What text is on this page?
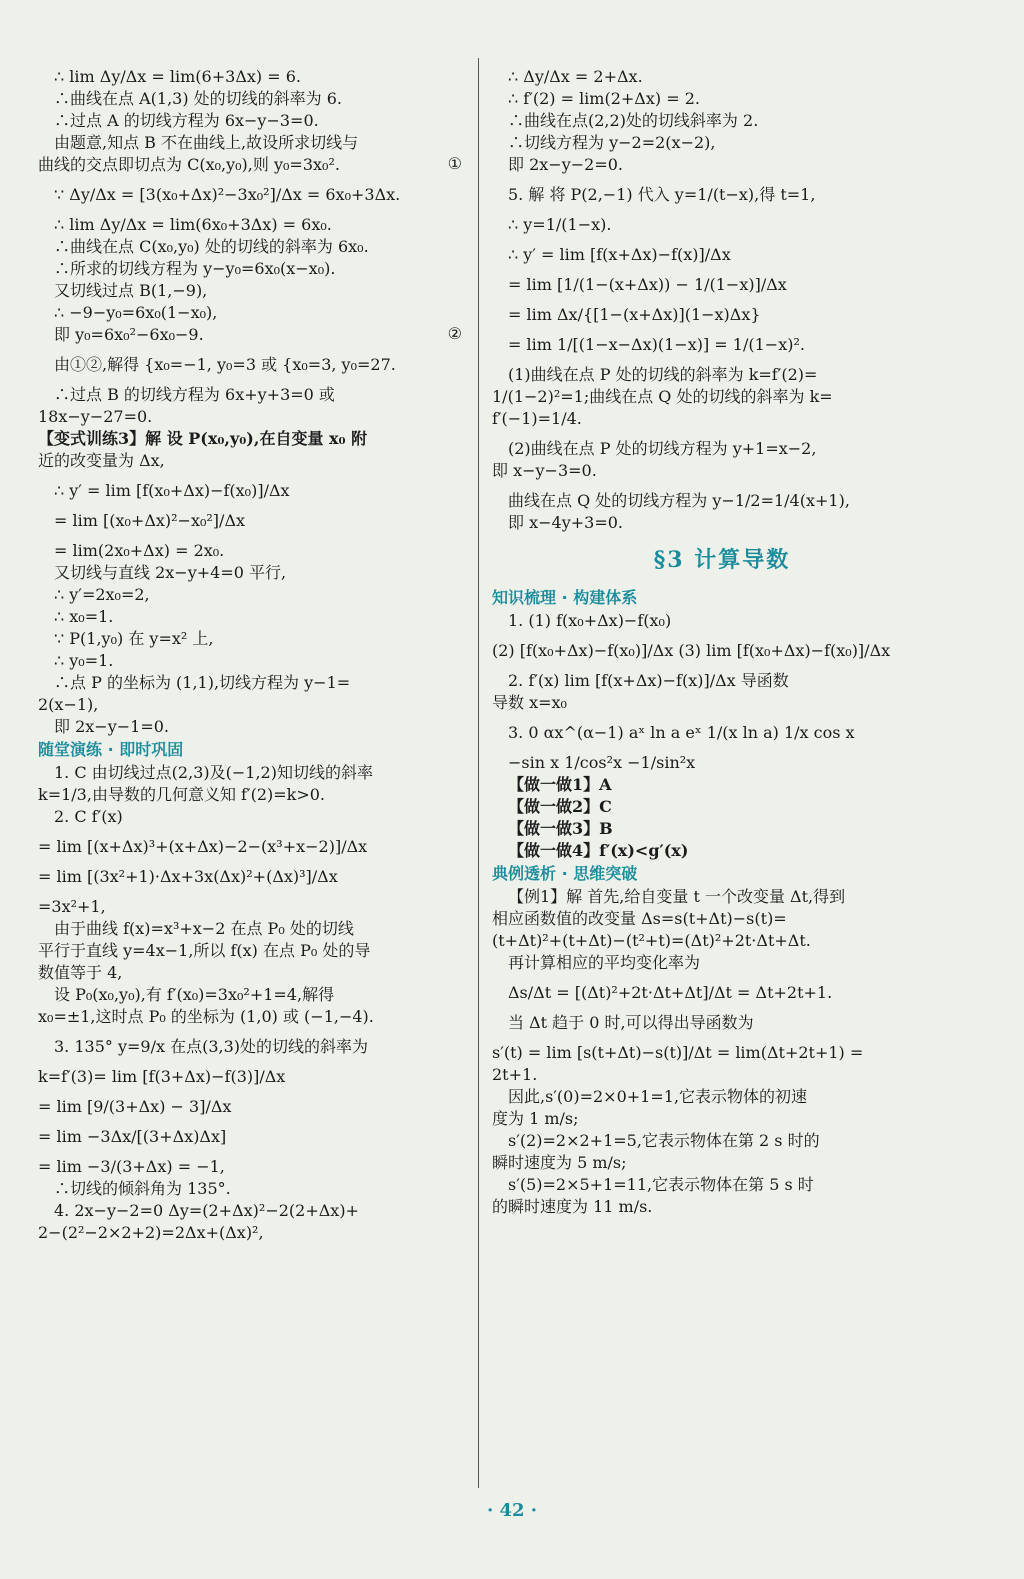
∴ lim Δy/Δx = lim(6+3Δx) = 6.

∴曲线在点 A(1,3) 处的切线的斜率为 6.

∴过点 A 的切线方程为 6x−y−3=0.

由题意,知点 B 不在曲线上,故设所求切线与

曲线的交点即切点为 C(x₀,y₀),则 y₀=3x₀².	①

∵ Δy/Δx = [3(x₀+Δx)²−3x₀²]/Δx = 6x₀+3Δx.

∴ lim Δy/Δx = lim(6x₀+3Δx) = 6x₀.

∴曲线在点 C(x₀,y₀) 处的切线的斜率为 6x₀.

∴所求的切线方程为 y−y₀=6x₀(x−x₀).

又切线过点 B(1,−9),

∴ −9−y₀=6x₀(1−x₀),

即 y₀=6x₀²−6x₀−9.	②

由①②,解得 {x₀=−1, y₀=3 或 {x₀=3, y₀=27.

∴过点 B 的切线方程为 6x+y+3=0 或

18x−y−27=0.

【变式训练3】解 设 P(x₀,y₀),在自变量 x₀ 附

近的改变量为 Δx,

∴ y′ = lim [f(x₀+Δx)−f(x₀)]/Δx

= lim [(x₀+Δx)²−x₀²]/Δx

= lim(2x₀+Δx) = 2x₀.

又切线与直线 2x−y+4=0 平行,

∴ y′=2x₀=2,

∴ x₀=1.

∵ P(1,y₀) 在 y=x² 上,

∴ y₀=1.

∴点 P 的坐标为 (1,1),切线方程为 y−1=

2(x−1),

即 2x−y−1=0.

随堂演练 · 即时巩固

1. C 由切线过点(2,3)及(−1,2)知切线的斜率

k=1/3,由导数的几何意义知 f′(2)=k>0.

2. C f′(x)

= lim [(x+Δx)³+(x+Δx)−2−(x³+x−2)]/Δx

= lim [(3x²+1)·Δx+3x(Δx)²+(Δx)³]/Δx

=3x²+1,

由于曲线 f(x)=x³+x−2 在点 P₀ 处的切线

平行于直线 y=4x−1,所以 f(x) 在点 P₀ 处的导

数值等于 4,

设 P₀(x₀,y₀),有 f′(x₀)=3x₀²+1=4,解得

x₀=±1,这时点 P₀ 的坐标为 (1,0) 或 (−1,−4).

3. 135° y=9/x 在点(3,3)处的切线的斜率为

k=f′(3)= lim [f(3+Δx)−f(3)]/Δx

= lim [9/(3+Δx) − 3]/Δx

= lim −3Δx/[(3+Δx)Δx]

= lim −3/(3+Δx) = −1,

∴切线的倾斜角为 135°.

4. 2x−y−2=0 Δy=(2+Δx)²−2(2+Δx)+

2−(2²−2×2+2)=2Δx+(Δx)²,

∴ Δy/Δx = 2+Δx.

∴ f′(2) = lim(2+Δx) = 2.

∴曲线在点(2,2)处的切线斜率为 2.

∴切线方程为 y−2=2(x−2),

即 2x−y−2=0.

5. 解 将 P(2,−1) 代入 y=1/(t−x),得 t=1,

∴ y=1/(1−x).

∴ y′ = lim [f(x+Δx)−f(x)]/Δx

= lim [1/(1−(x+Δx)) − 1/(1−x)]/Δx

= lim Δx/{[1−(x+Δx)](1−x)Δx}

= lim 1/[(1−x−Δx)(1−x)] = 1/(1−x)².

(1)曲线在点 P 处的切线的斜率为 k=f′(2)=

1/(1−2)²=1;曲线在点 Q 处的切线的斜率为 k=

f′(−1)=1/4.

(2)曲线在点 P 处的切线方程为 y+1=x−2,

即 x−y−3=0.

曲线在点 Q 处的切线方程为 y−1/2=1/4(x+1),

即 x−4y+3=0.

§3 计算导数

知识梳理 · 构建体系

1. (1) f(x₀+Δx)−f(x₀)

(2) [f(x₀+Δx)−f(x₀)]/Δx (3) lim [f(x₀+Δx)−f(x₀)]/Δx

2. f′(x) lim [f(x+Δx)−f(x)]/Δx 导函数

导数 x=x₀

3. 0 αx^(α−1) aˣ ln a eˣ 1/(x ln a) 1/x cos x

−sin x 1/cos²x −1/sin²x

【做一做1】A

【做一做2】C

【做一做3】B

【做一做4】f′(x)<g′(x)

典例透析 · 思维突破

【例1】解 首先,给自变量 t 一个改变量 Δt,得到

相应函数值的改变量 Δs=s(t+Δt)−s(t)=

(t+Δt)²+(t+Δt)−(t²+t)=(Δt)²+2t·Δt+Δt.

再计算相应的平均变化率为

Δs/Δt = [(Δt)²+2t·Δt+Δt]/Δt = Δt+2t+1.

当 Δt 趋于 0 时,可以得出导函数为

s′(t) = lim [s(t+Δt)−s(t)]/Δt = lim(Δt+2t+1) =

2t+1.

因此,s′(0)=2×0+1=1,它表示物体的初速

度为 1 m/s;

s′(2)=2×2+1=5,它表示物体在第 2 s 时的

瞬时速度为 5 m/s;

s′(5)=2×5+1=11,它表示物体在第 5 s 时

的瞬时速度为 11 m/s.

· 42 ·
